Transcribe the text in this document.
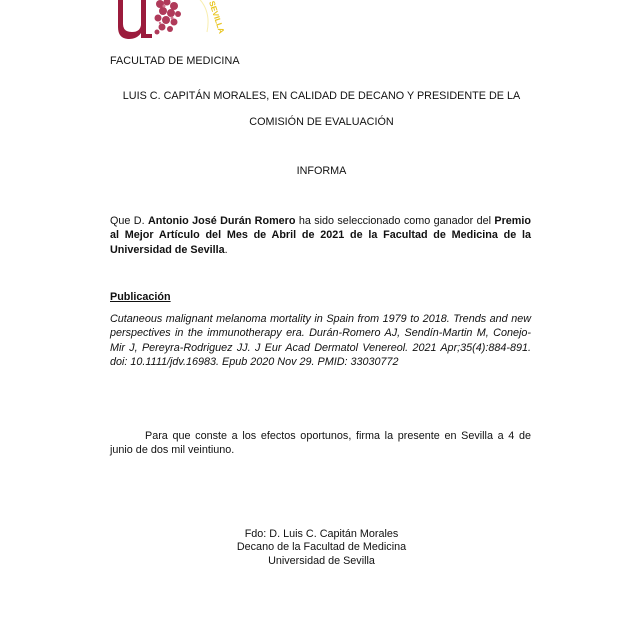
SEVILLA
FACULTAD DE MEDICINA
LUIS C. CAPITÁN MORALES, EN CALIDAD DE DECANO Y PRESIDENTE DE LA
COMISIÓN DE EVALUACIÓN
INFORMA
Que D. Antonio José Durán Romero ha sido seleccionado como ganador del Premio al Mejor Artículo del Mes de Abril de 2021 de la Facultad de Medicina de la Universidad de Sevilla.
Publicación
Cutaneous malignant melanoma mortality in Spain from 1979 to 2018. Trends and new perspectives in the immunotherapy era. Durán-Romero AJ, Sendín-Martin M, Conejo-Mir J, Pereyra-Rodriguez JJ. J Eur Acad Dermatol Venereol. 2021 Apr;35(4):884-891. doi: 10.1111/jdv.16983. Epub 2020 Nov 29. PMID: 33030772
Para que conste a los efectos oportunos, firma la presente en Sevilla a 4 de junio de dos mil veintiuno.
Fdo: D. Luis C. Capitán Morales
Decano de la Facultad de Medicina
Universidad de Sevilla
